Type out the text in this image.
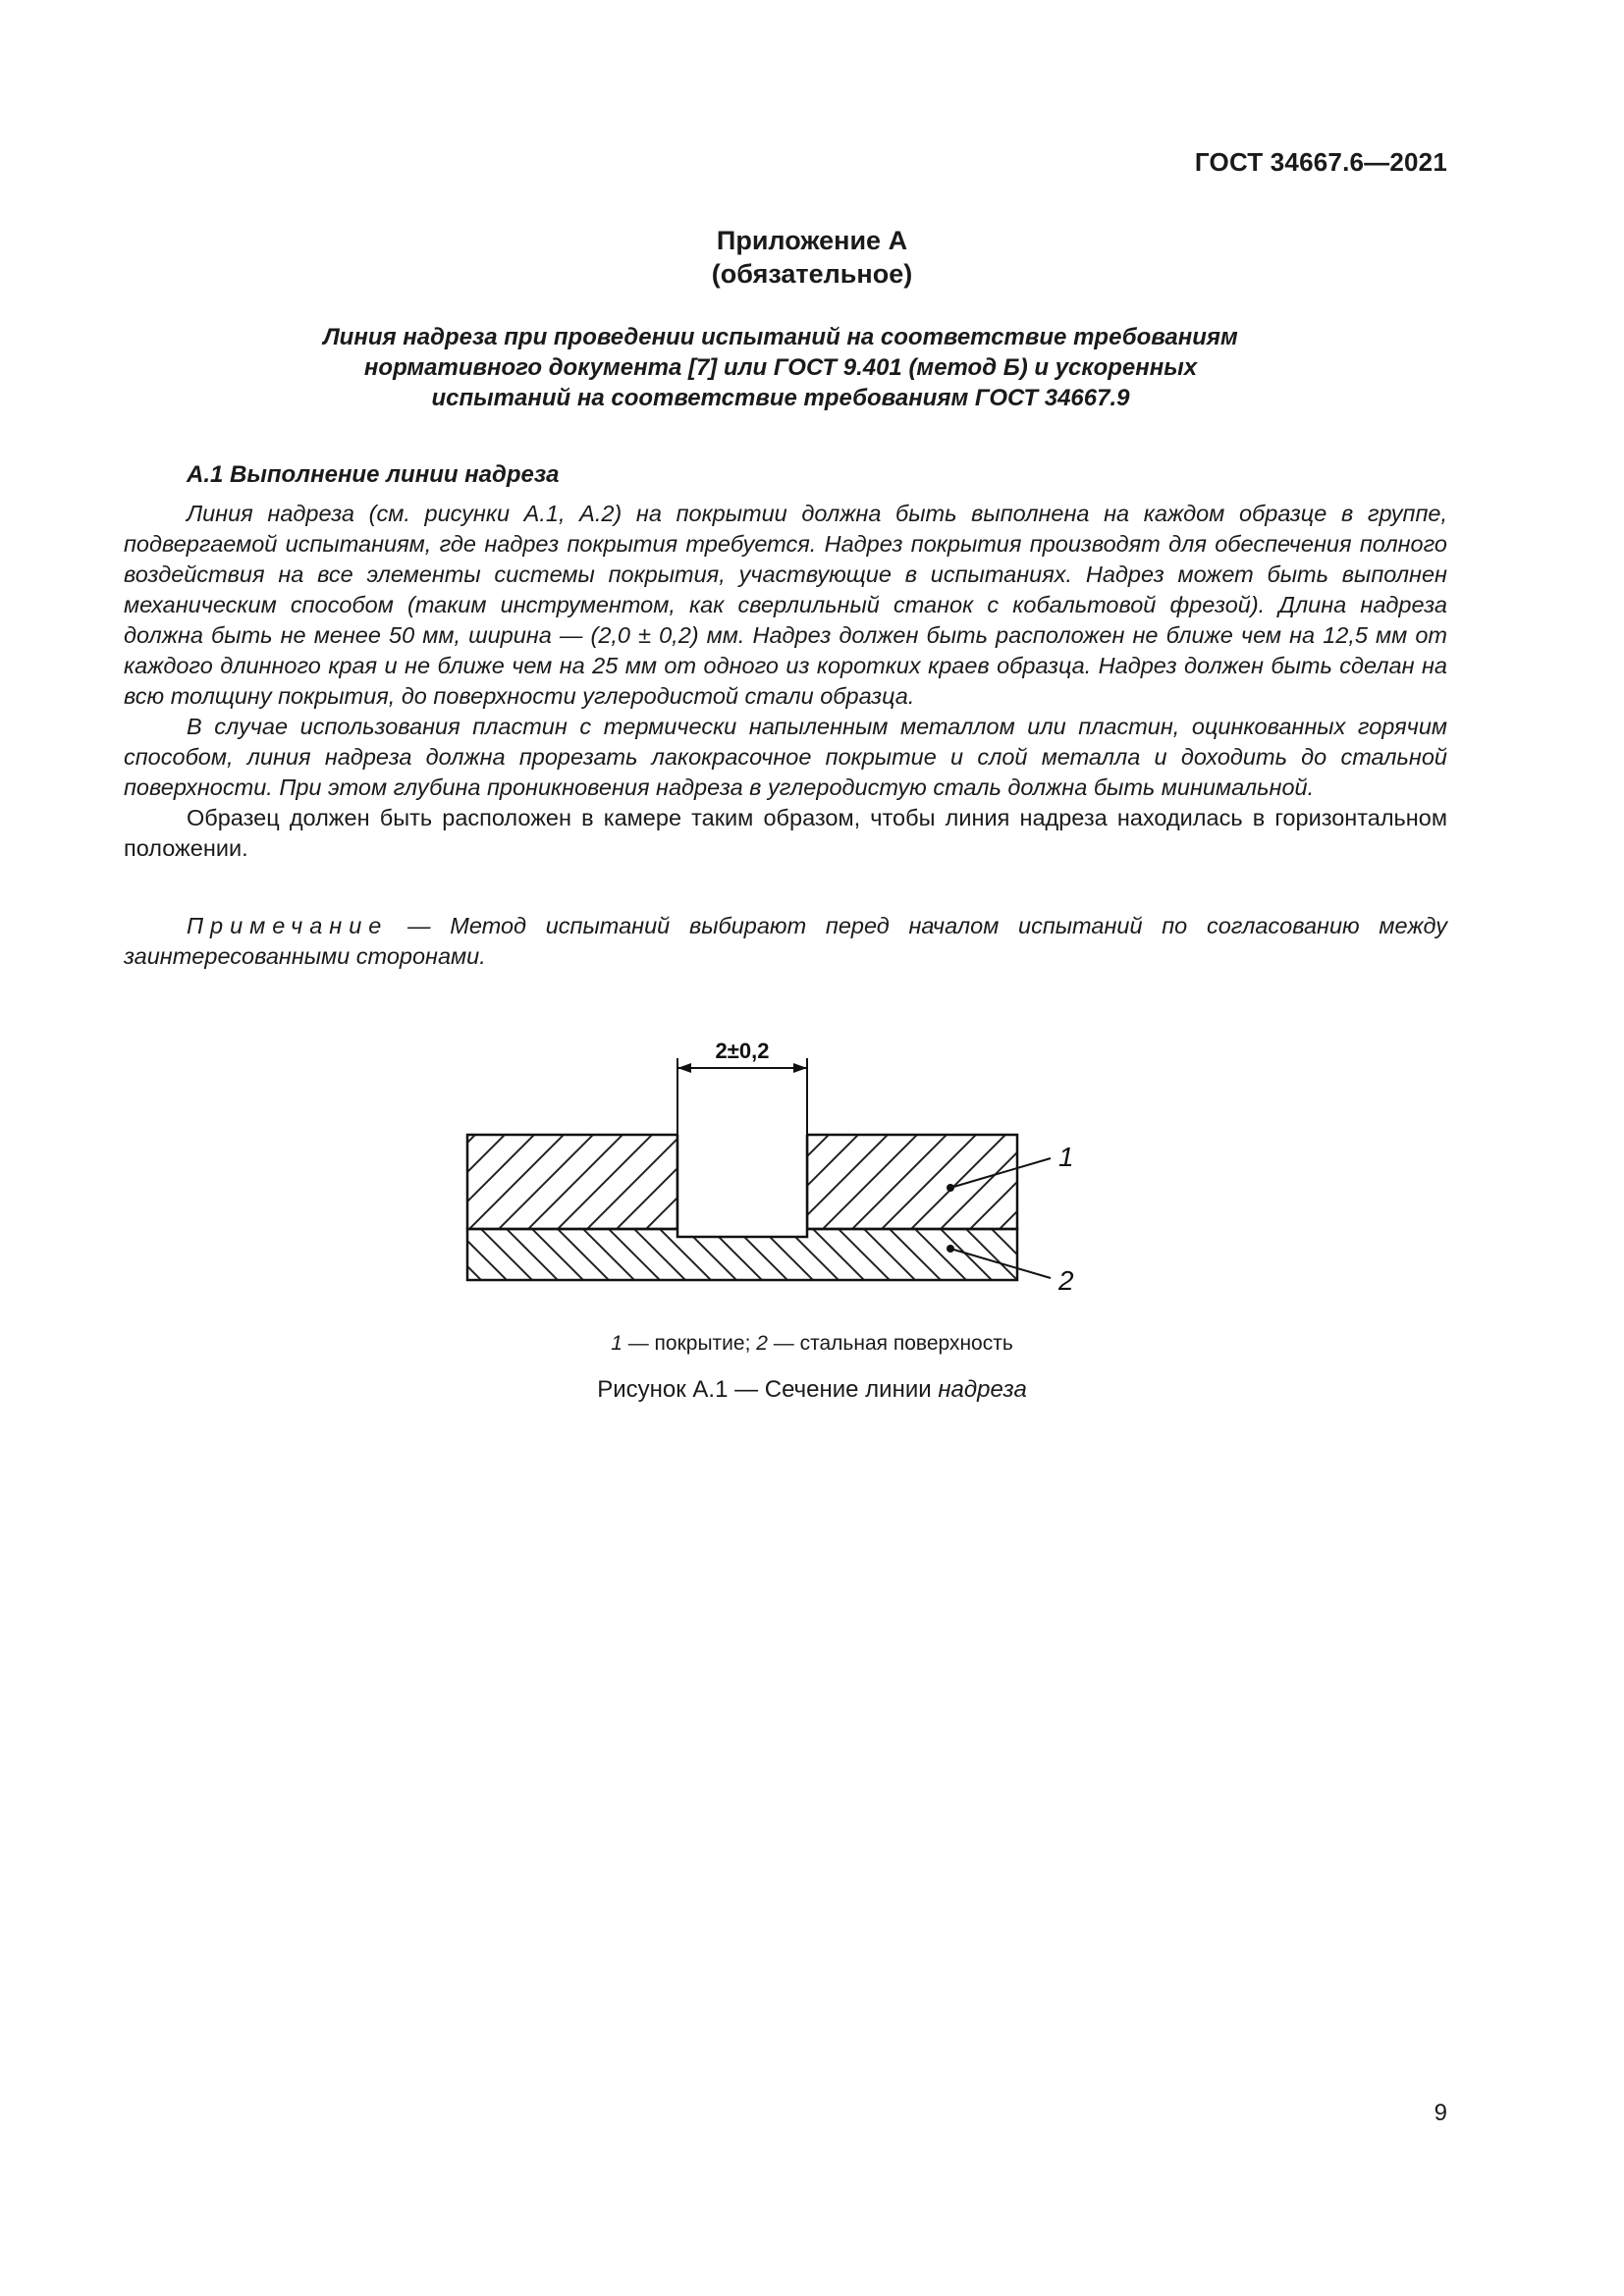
ГОСТ 34667.6—2021
Приложение А
(обязательное)
Линия надреза при проведении испытаний на соответствие требованиям
нормативного документа [7] или ГОСТ 9.401 (метод Б) и ускоренных
испытаний на соответствие требованиям ГОСТ 34667.9
А.1 Выполнение линии надреза

Линия надреза (см. рисунки А.1, А.2) на покрытии должна быть выполнена на каждом образце в группе, подвергаемой испытаниям, где надрез покрытия требуется. Надрез покрытия производят для обеспечения полного воздействия на все элементы системы покрытия, участвующие в испытаниях. Надрез может быть выполнен механическим способом (таким инструментом, как сверлильный станок с кобальтовой фрезой). Длина надреза должна быть не менее 50 мм, ширина — (2,0 ± 0,2) мм. Надрез должен быть расположен не ближе чем на 12,5 мм от каждого длинного края и не ближе чем на 25 мм от одного из коротких краев образца. Надрез должен быть сделан на всю толщину покрытия, до поверхности углеродистой стали образца.

В случае использования пластин с термически напыленным металлом или пластин, оцинкованных горячим способом, линия надреза должна прорезать лакокрасочное покрытие и слой металла и доходить до стальной поверхности. При этом глубина проникновения надреза в углеродистую сталь должна быть минимальной.

Образец должен быть расположен в камере таким образом, чтобы линия надреза находилась в горизонтальном положении.

Примечание — Метод испытаний выбирают перед началом испытаний по согласованию между заинтересованными сторонами.
2±0,2
1
2
1 — покрытие; 2 — стальная поверхность
Рисунок А.1 — Сечение линии надреза
9
